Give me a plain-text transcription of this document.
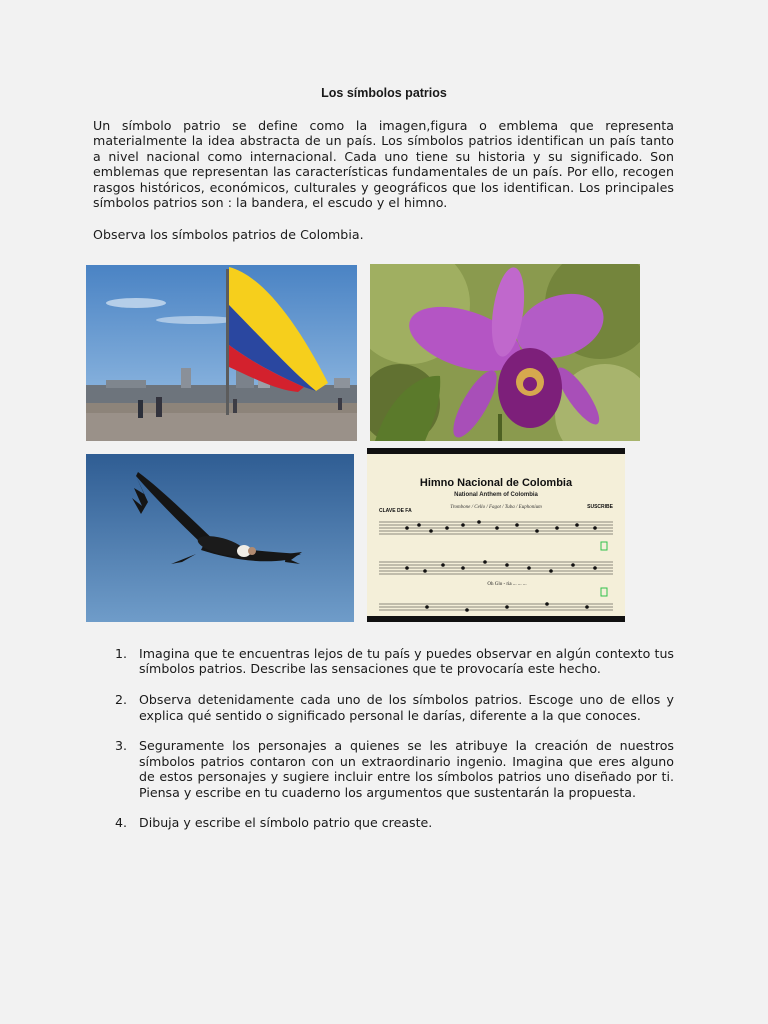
Los símbolos patrios
Un símbolo patrio se define como la imagen,figura o emblema que representa materialmente la idea abstracta de un país. Los símbolos patrios identifican un país tanto a nivel nacional como internacional. Cada uno tiene su historia y su significado. Son emblemas que representan las características fundamentales de un país. Por ello, recogen rasgos históricos, económicos, culturales y geográficos que los identifican. Los principales símbolos patrios son : la bandera, el escudo y el himno.
Observa los símbolos patrios de Colombia.
Himno Nacional de Colombia
National Anthem of Colombia
Trombone / Cello / Fagot / Tuba / Euphonium
CLAVE DE FA
SUSCRIBE
Oh Glo - ria ... ... ...
1. Imagina que te encuentras lejos de tu país y puedes observar en algún contexto tus símbolos patrios. Describe las sensaciones que te provocaría este hecho.
2. Observa detenidamente cada uno de los símbolos patrios. Escoge uno de ellos y explica qué sentido o significado personal le darías, diferente a la que conoces.
3. Seguramente los personajes a quienes se les atribuye la creación de nuestros símbolos patrios contaron con un extraordinario ingenio. Imagina que eres alguno de estos personajes y sugiere incluir entre los símbolos patrios uno diseñado por ti. Piensa y escribe en tu cuaderno los argumentos que sustentarán la propuesta.
4. Dibuja y escribe el símbolo patrio que creaste.
